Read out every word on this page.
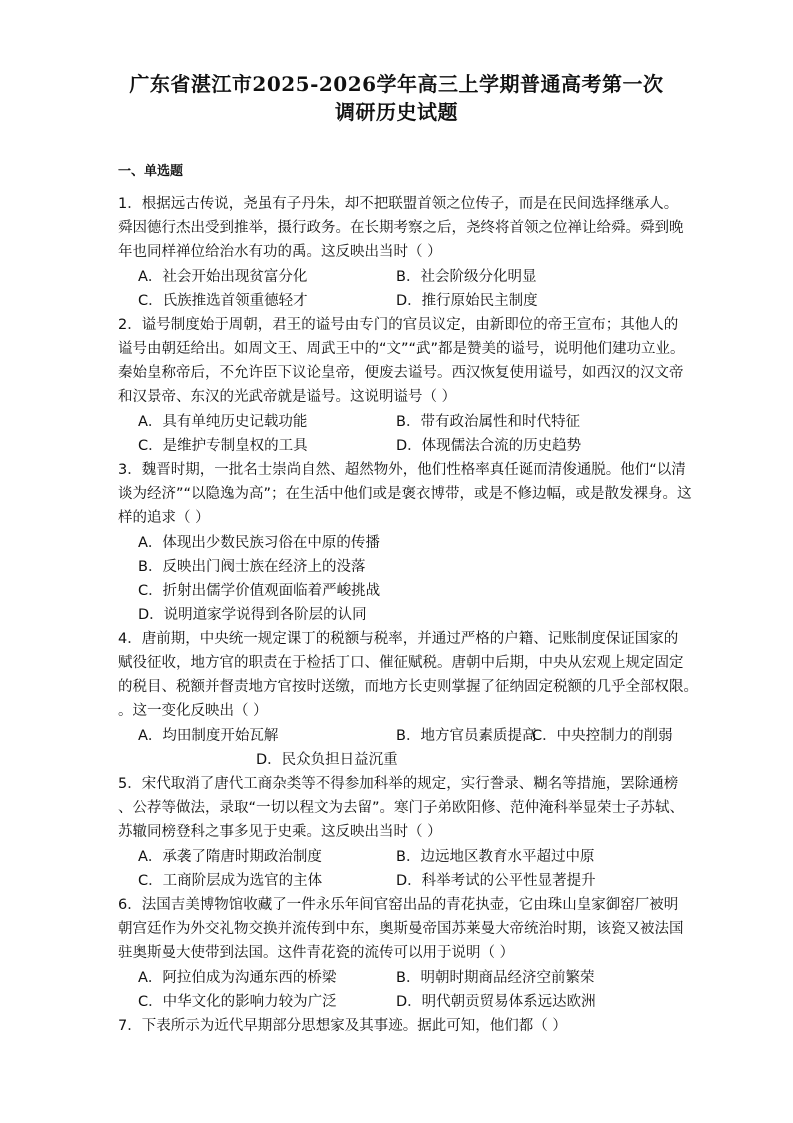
广东省湛江市2025-2026学年高三上学期普通高考第一次
调研历史试题
一、单选题
1．根据远古传说，尧虽有子丹朱，却不把联盟首领之位传子，而是在民间选择继承人。
舜因德行杰出受到推举，摄行政务。在长期考察之后，尧终将首领之位禅让给舜。舜到晚
年也同样禅位给治水有功的禹。这反映出当时（ ）
A．社会开始出现贫富分化	B．社会阶级分化明显
C．氏族推选首领重德轻才	D．推行原始民主制度
2．谥号制度始于周朝，君王的谥号由专门的官员议定，由新即位的帝王宣布；其他人的
谥号由朝廷给出。如周文王、周武王中的“文”“武”都是赞美的谥号，说明他们建功立业。
秦始皇称帝后，不允许臣下议论皇帝，便废去谥号。西汉恢复使用谥号，如西汉的汉文帝
和汉景帝、东汉的光武帝就是谥号。这说明谥号（ ）
A．具有单纯历史记载功能	B．带有政治属性和时代特征
C．是维护专制皇权的工具	D．体现儒法合流的历史趋势
3．魏晋时期，一批名士崇尚自然、超然物外，他们性格率真任诞而清俊通脱。他们“以清
谈为经济”“以隐逸为高”；在生活中他们或是褒衣博带，或是不修边幅，或是散发裸身。这
样的追求（ ）
A．体现出少数民族习俗在中原的传播
B．反映出门阀士族在经济上的没落
C．折射出儒学价值观面临着严峻挑战
D．说明道家学说得到各阶层的认同
4．唐前期，中央统一规定课丁的税额与税率，并通过严格的户籍、记账制度保证国家的
赋役征收，地方官的职责在于检括丁口、催征赋税。唐朝中后期，中央从宏观上规定固定
的税目、税额并督责地方官按时送缴，而地方长吏则掌握了征纳固定税额的几乎全部权限。
。这一变化反映出（ ）
A．均田制度开始瓦解	B．地方官员素质提高
C．中央控制力的削弱
D．民众负担日益沉重
5．宋代取消了唐代工商杂类等不得参加科举的规定，实行誊录、糊名等措施，罢除通榜
、公荐等做法，录取“一切以程文为去留”。寒门子弟欧阳修、范仲淹科举显荣士子苏轼、
苏辙同榜登科之事多见于史乘。这反映出当时（ ）
A．承袭了隋唐时期政治制度	B．边远地区教育水平超过中原
C．工商阶层成为选官的主体	D．科举考试的公平性显著提升
6．法国吉美博物馆收藏了一件永乐年间官窑出品的青花执壶，它由珠山皇家御窑厂被明
朝宫廷作为外交礼物交换并流传到中东，奥斯曼帝国苏莱曼大帝统治时期，该瓷又被法国
驻奥斯曼大使带到法国。这件青花瓷的流传可以用于说明（ ）
A．阿拉伯成为沟通东西的桥梁	B．明朝时期商品经济空前繁荣
C．中华文化的影响力较为广泛	D．明代朝贡贸易体系远达欧洲
7．下表所示为近代早期部分思想家及其事迹。据此可知，他们都（ ）
